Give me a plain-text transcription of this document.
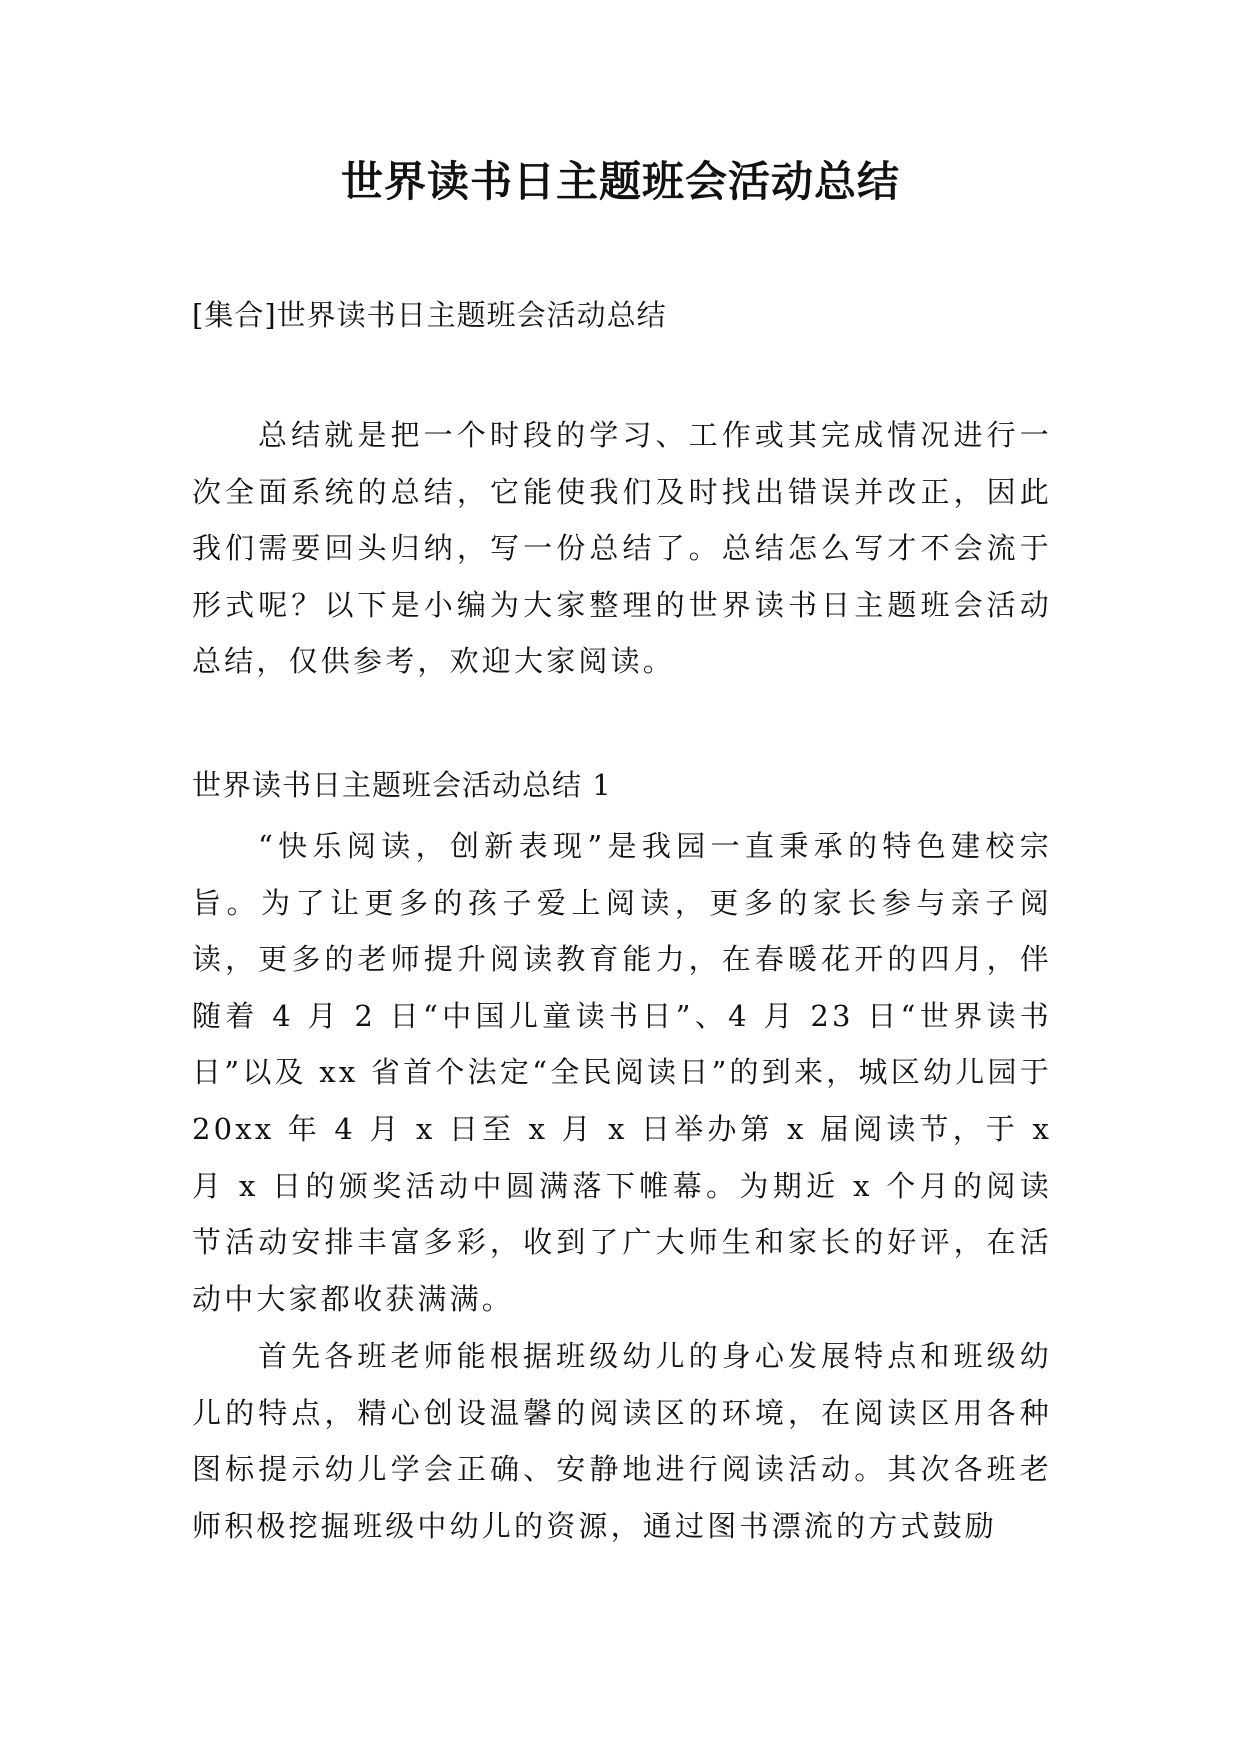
世界读书日主题班会活动总结

[集合]世界读书日主题班会活动总结

总结就是把一个时段的学习、工作或其完成情况进行一次全面系统的总结，它能使我们及时找出错误并改正，因此我们需要回头归纳，写一份总结了。总结怎么写才不会流于形式呢？以下是小编为大家整理的世界读书日主题班会活动总结，仅供参考，欢迎大家阅读。

世界读书日主题班会活动总结 1

“快乐阅读，创新表现”是我园一直秉承的特色建校宗旨。为了让更多的孩子爱上阅读，更多的家长参与亲子阅读，更多的老师提升阅读教育能力，在春暖花开的四月，伴随着 4 月 2 日“中国儿童读书日”、4 月 23 日“世界读书日”以及 xx 省首个法定“全民阅读日”的到来，城区幼儿园于 20xx 年 4 月 x 日至 x 月 x 日举办第 x 届阅读节，于 x 月 x 日的颁奖活动中圆满落下帷幕。为期近 x 个月的阅读节活动安排丰富多彩，收到了广大师生和家长的好评，在活动中大家都收获满满。

首先各班老师能根据班级幼儿的身心发展特点和班级幼儿的特点，精心创设温馨的阅读区的环境，在阅读区用各种图标提示幼儿学会正确、安静地进行阅读活动。其次各班老师积极挖掘班级中幼儿的资源，通过图书漂流的方式鼓励
